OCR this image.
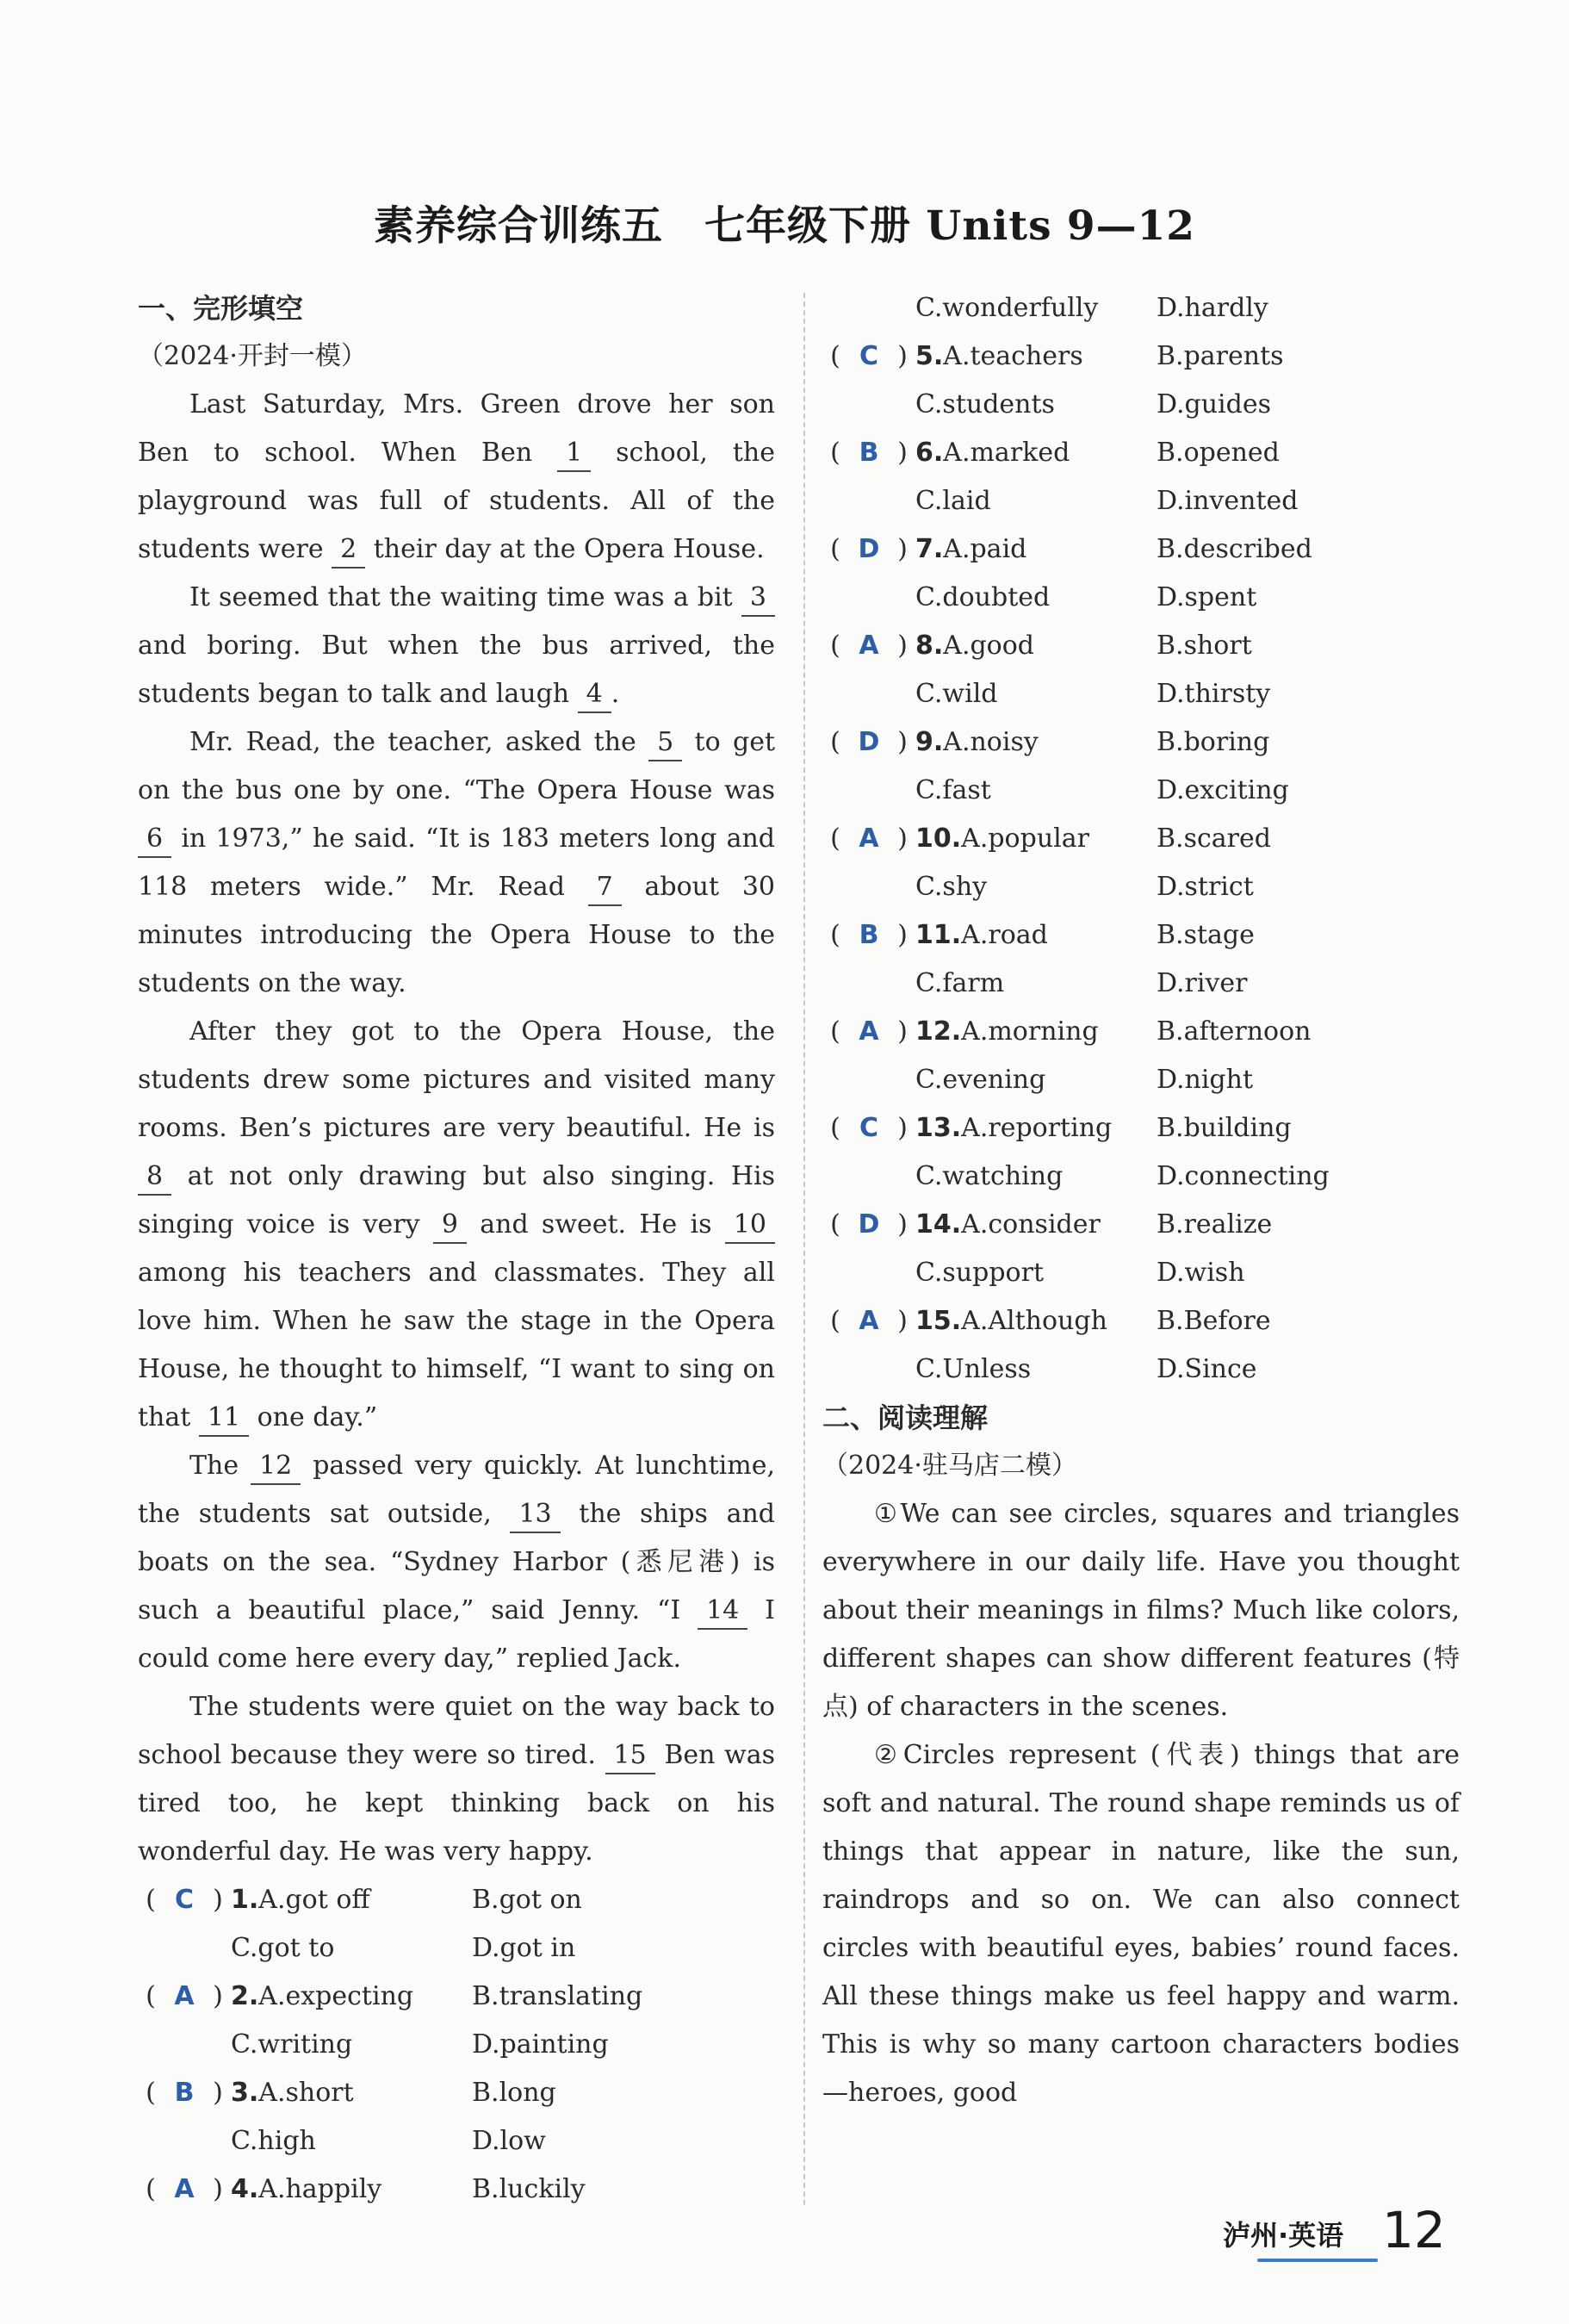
素养综合训练五　七年级下册 Units 9—12
一、完形填空
（2024·开封一模）

Last Saturday, Mrs. Green drove her son Ben to school. When Ben 1 school, the playground was full of students. All of the students were 2 their day at the Opera House.

It seemed that the waiting time was a bit 3 and boring. But when the bus arrived, the students began to talk and laugh 4 .

Mr. Read, the teacher, asked the 5 to get on the bus one by one. “The Opera House was 6 in 1973,” he said. “It is 183 meters long and 118 meters wide.” Mr. Read 7 about 30 minutes introducing the Opera House to the students on the way.

After they got to the Opera House, the students drew some pictures and visited many rooms. Ben’s pictures are very beautiful. He is 8 at not only drawing but also singing. His singing voice is very 9 and sweet. He is 10 among his teachers and classmates. They all love him. When he saw the stage in the Opera House, he thought to himself, “I want to sing on that 11 one day.”

The 12 passed very quickly. At lunchtime, the students sat outside, 13 the ships and boats on the sea. “Sydney Harbor (悉尼港) is such a beautiful place,” said Jenny. “I 14 I could come here every day,” replied Jack.

The students were quiet on the way back to school because they were so tired. 15 Ben was tired too, he kept thinking back on his wonderful day. He was very happy.

( C ) 1.A.got off	B.got on
C.got to	D.got in
( A ) 2.A.expecting	B.translating
C.writing	D.painting
( B ) 3.A.short	B.long
C.high	D.low
( A ) 4.A.happily	B.luckily
C.wonderfully	D.hardly
( C ) 5.A.teachers	B.parents
C.students	D.guides
( B ) 6.A.marked	B.opened
C.laid	D.invented
( D ) 7.A.paid	B.described
C.doubted	D.spent
( A ) 8.A.good	B.short
C.wild	D.thirsty
( D ) 9.A.noisy	B.boring
C.fast	D.exciting
( A ) 10.A.popular	B.scared
C.shy	D.strict
( B ) 11.A.road	B.stage
C.farm	D.river
( A ) 12.A.morning	B.afternoon
C.evening	D.night
( C ) 13.A.reporting	B.building
C.watching	D.connecting
( D ) 14.A.consider	B.realize
C.support	D.wish
( A ) 15.A.Although	B.Before
C.Unless	D.Since
二、阅读理解
（2024·驻马店二模）

①We can see circles, squares and triangles everywhere in our daily life. Have you thought about their meanings in films? Much like colors, different shapes can show different features (特点) of characters in the scenes.

②Circles represent (代表) things that are soft and natural. The round shape reminds us of things that appear in nature, like the sun, raindrops and so on. We can also connect circles with beautiful eyes, babies’ round faces. All these things make us feel happy and warm. This is why so many cartoon characters bodies—heroes, good

泸州·英语 12
